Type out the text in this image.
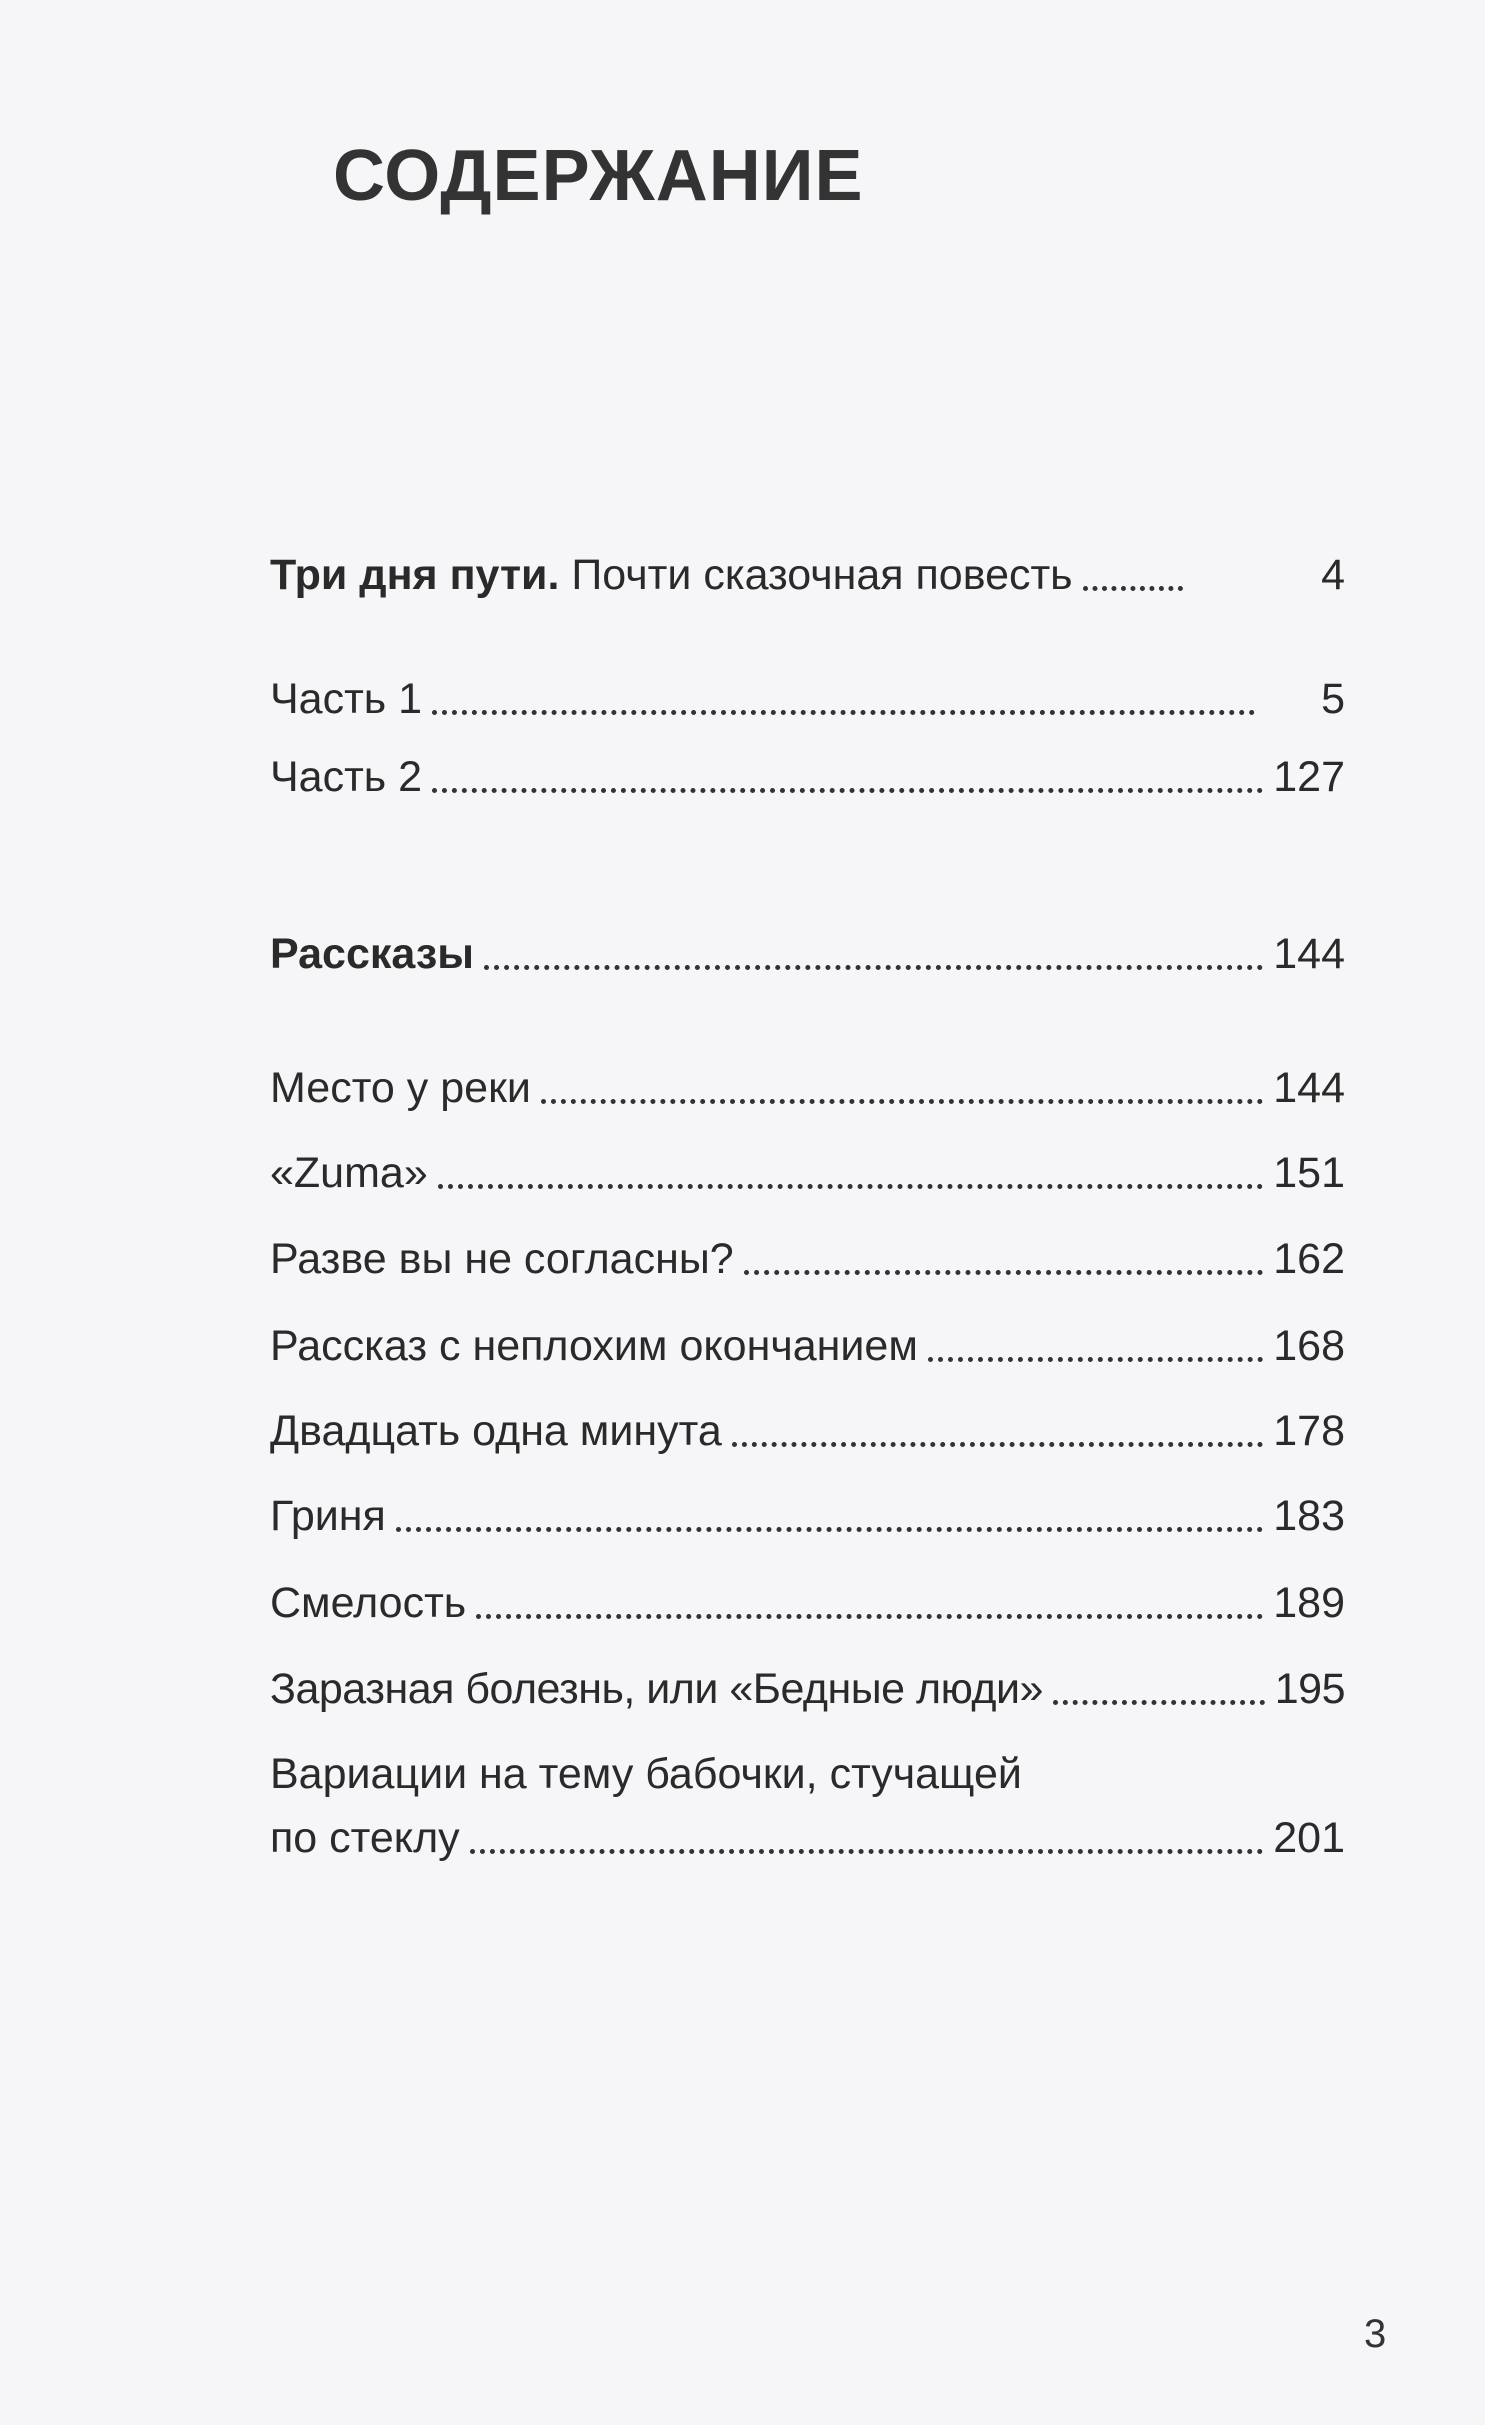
СОДЕРЖАНИЕ
Три дня пути. Почти сказочная повесть	4
Часть 1	5
Часть 2	127
Рассказы	144
Место у реки	144
«Zuma»	151
Разве вы не согласны?	162
Рассказ с неплохим окончанием	168
Двадцать одна минута	178
Гриня	183
Смелость	189
Заразная болезнь, или «Бедные люди»	195
Вариации на тему бабочки, стучащей
по стеклу	201
3
